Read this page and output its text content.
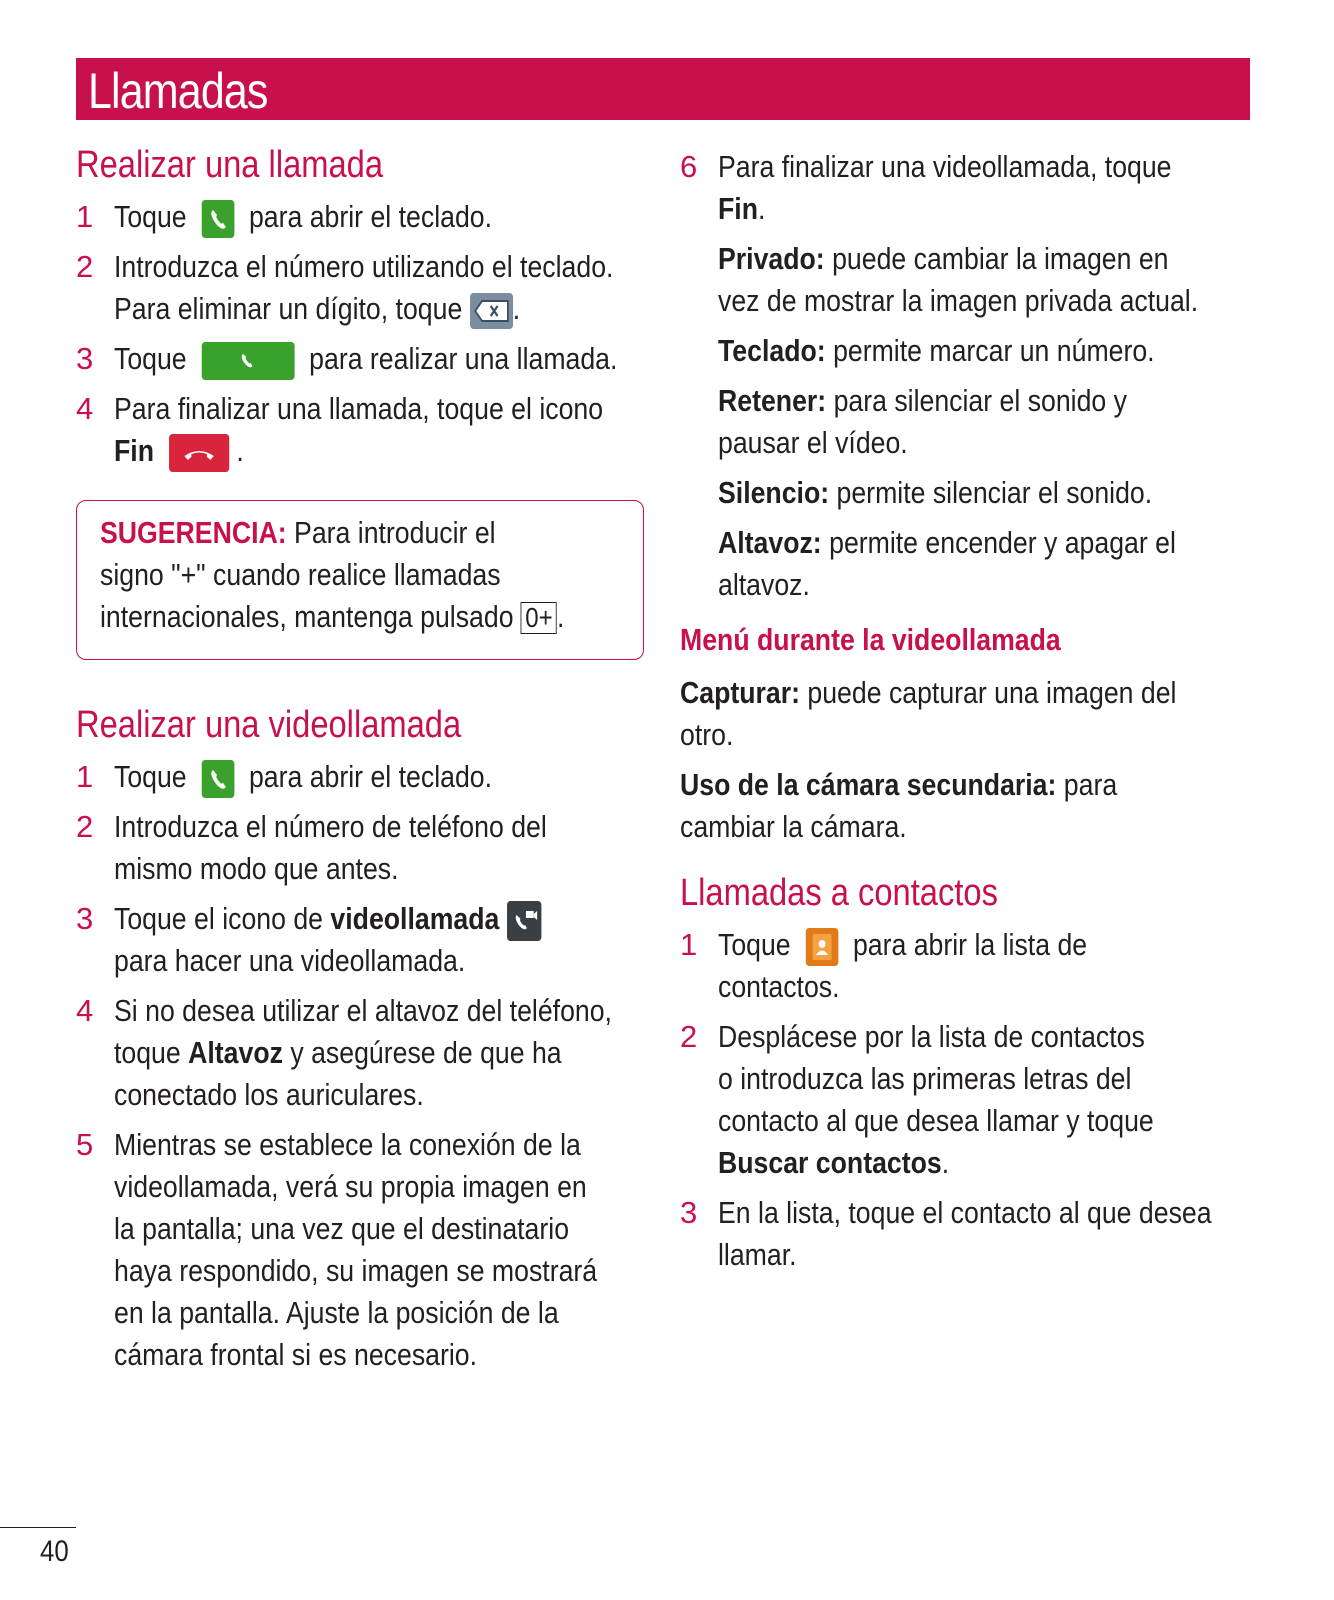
Llamadas
Realizar una llamada
1 Toque para abrir el teclado.
2 Introduzca el número utilizando el teclado.
Para eliminar un dígito, toque .
3 Toque	para realizar una llamada.
4 Para finalizar una llamada, toque el icono
Fin	.
SUGERENCIA: Para introducir el
signo "+" cuando realice llamadas
internacionales, mantenga pulsado 0+ .
Realizar una videollamada
1 Toque para abrir el teclado.
2 Introduzca el número de teléfono del
mismo modo que antes.
3 Toque el icono de videollamada
para hacer una videollamada.
4 Si no desea utilizar el altavoz del teléfono,
toque Altavoz y asegúrese de que ha
conectado los auriculares.
5 Mientras se establece la conexión de la
videollamada, verá su propia imagen en
la pantalla; una vez que el destinatario
haya respondido, su imagen se mostrará
en la pantalla. Ajuste la posición de la
cámara frontal si es necesario.
6 Para finalizar una videollamada, toque
Fin.
Privado: puede cambiar la imagen en
vez de mostrar la imagen privada actual.
Teclado: permite marcar un número.
Retener: para silenciar el sonido y
pausar el vídeo.
Silencio: permite silenciar el sonido.
Altavoz: permite encender y apagar el
altavoz.
Menú durante la videollamada
Capturar: puede capturar una imagen del
otro.
Uso de la cámara secundaria: para
cambiar la cámara.
Llamadas a contactos
1 Toque para abrir la lista de
contactos.
2 Desplácese por la lista de contactos
o introduzca las primeras letras del
contacto al que desea llamar y toque
Buscar contactos.
3 En la lista, toque el contacto al que desea
llamar.
40
